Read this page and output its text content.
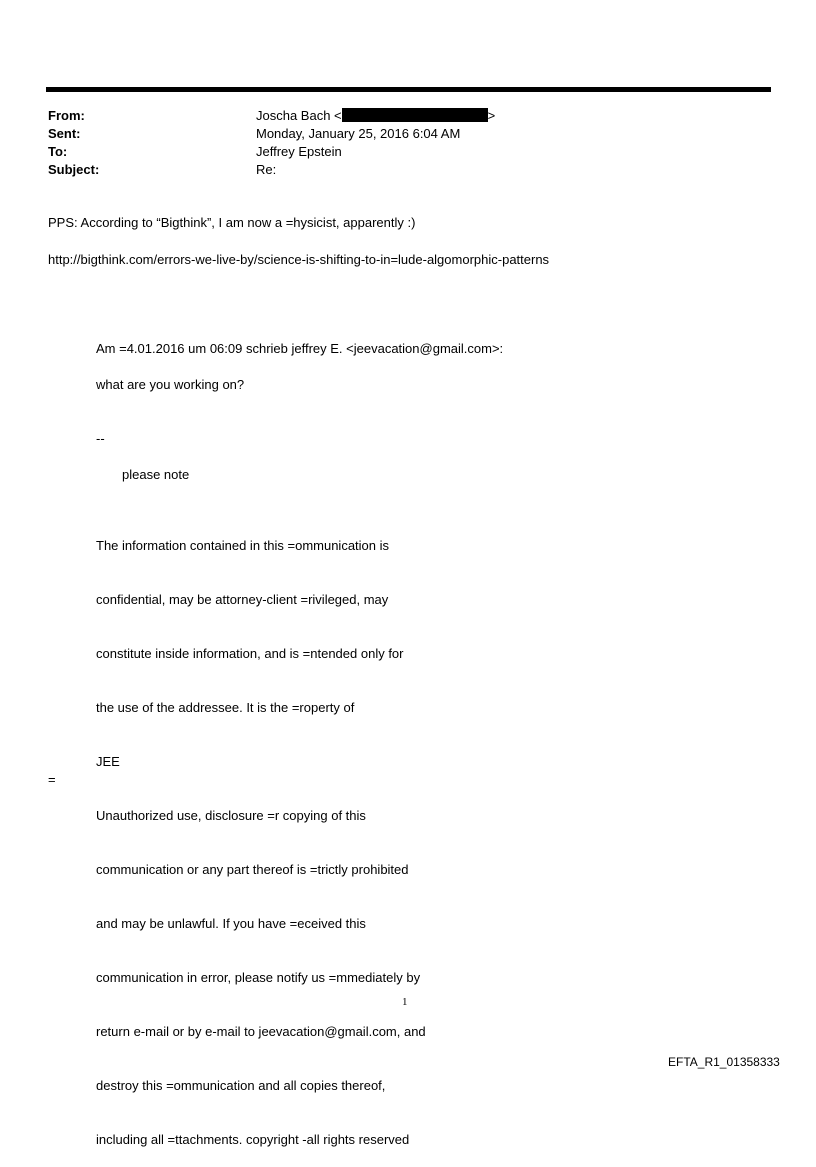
From:	Joscha Bach <	>
Sent:	Monday, January 25, 2016 6:04 AM
To:	Jeffrey Epstein
Subject:	Re:
PPS: According to “Bigthink”, I am now a =hysicist, apparently :)
http://bigthink.com/errors-we-live-by/science-is-shifting-to-in=lude-algomorphic-patterns
Am =4.01.2016 um 06:09 schrieb jeffrey E. <jeevacation@gmail.com>:
what are you working on?
--
please note

The information contained in this =ommunication is

confidential, may be attorney-client =rivileged, may

constitute inside information, and is =ntended only for

the use of the addressee. It is the =roperty of

JEE

Unauthorized use, disclosure =r copying of this

communication or any part thereof is =trictly prohibited

and may be unlawful. If you have =eceived this

communication in error, please notify us =mmediately by

return e-mail or by e-mail to jeevacation@gmail.com, and

destroy this =ommunication and all copies thereof,

including all =ttachments. copyright -all rights reserved

=
1
EFTA_R1_01358333
